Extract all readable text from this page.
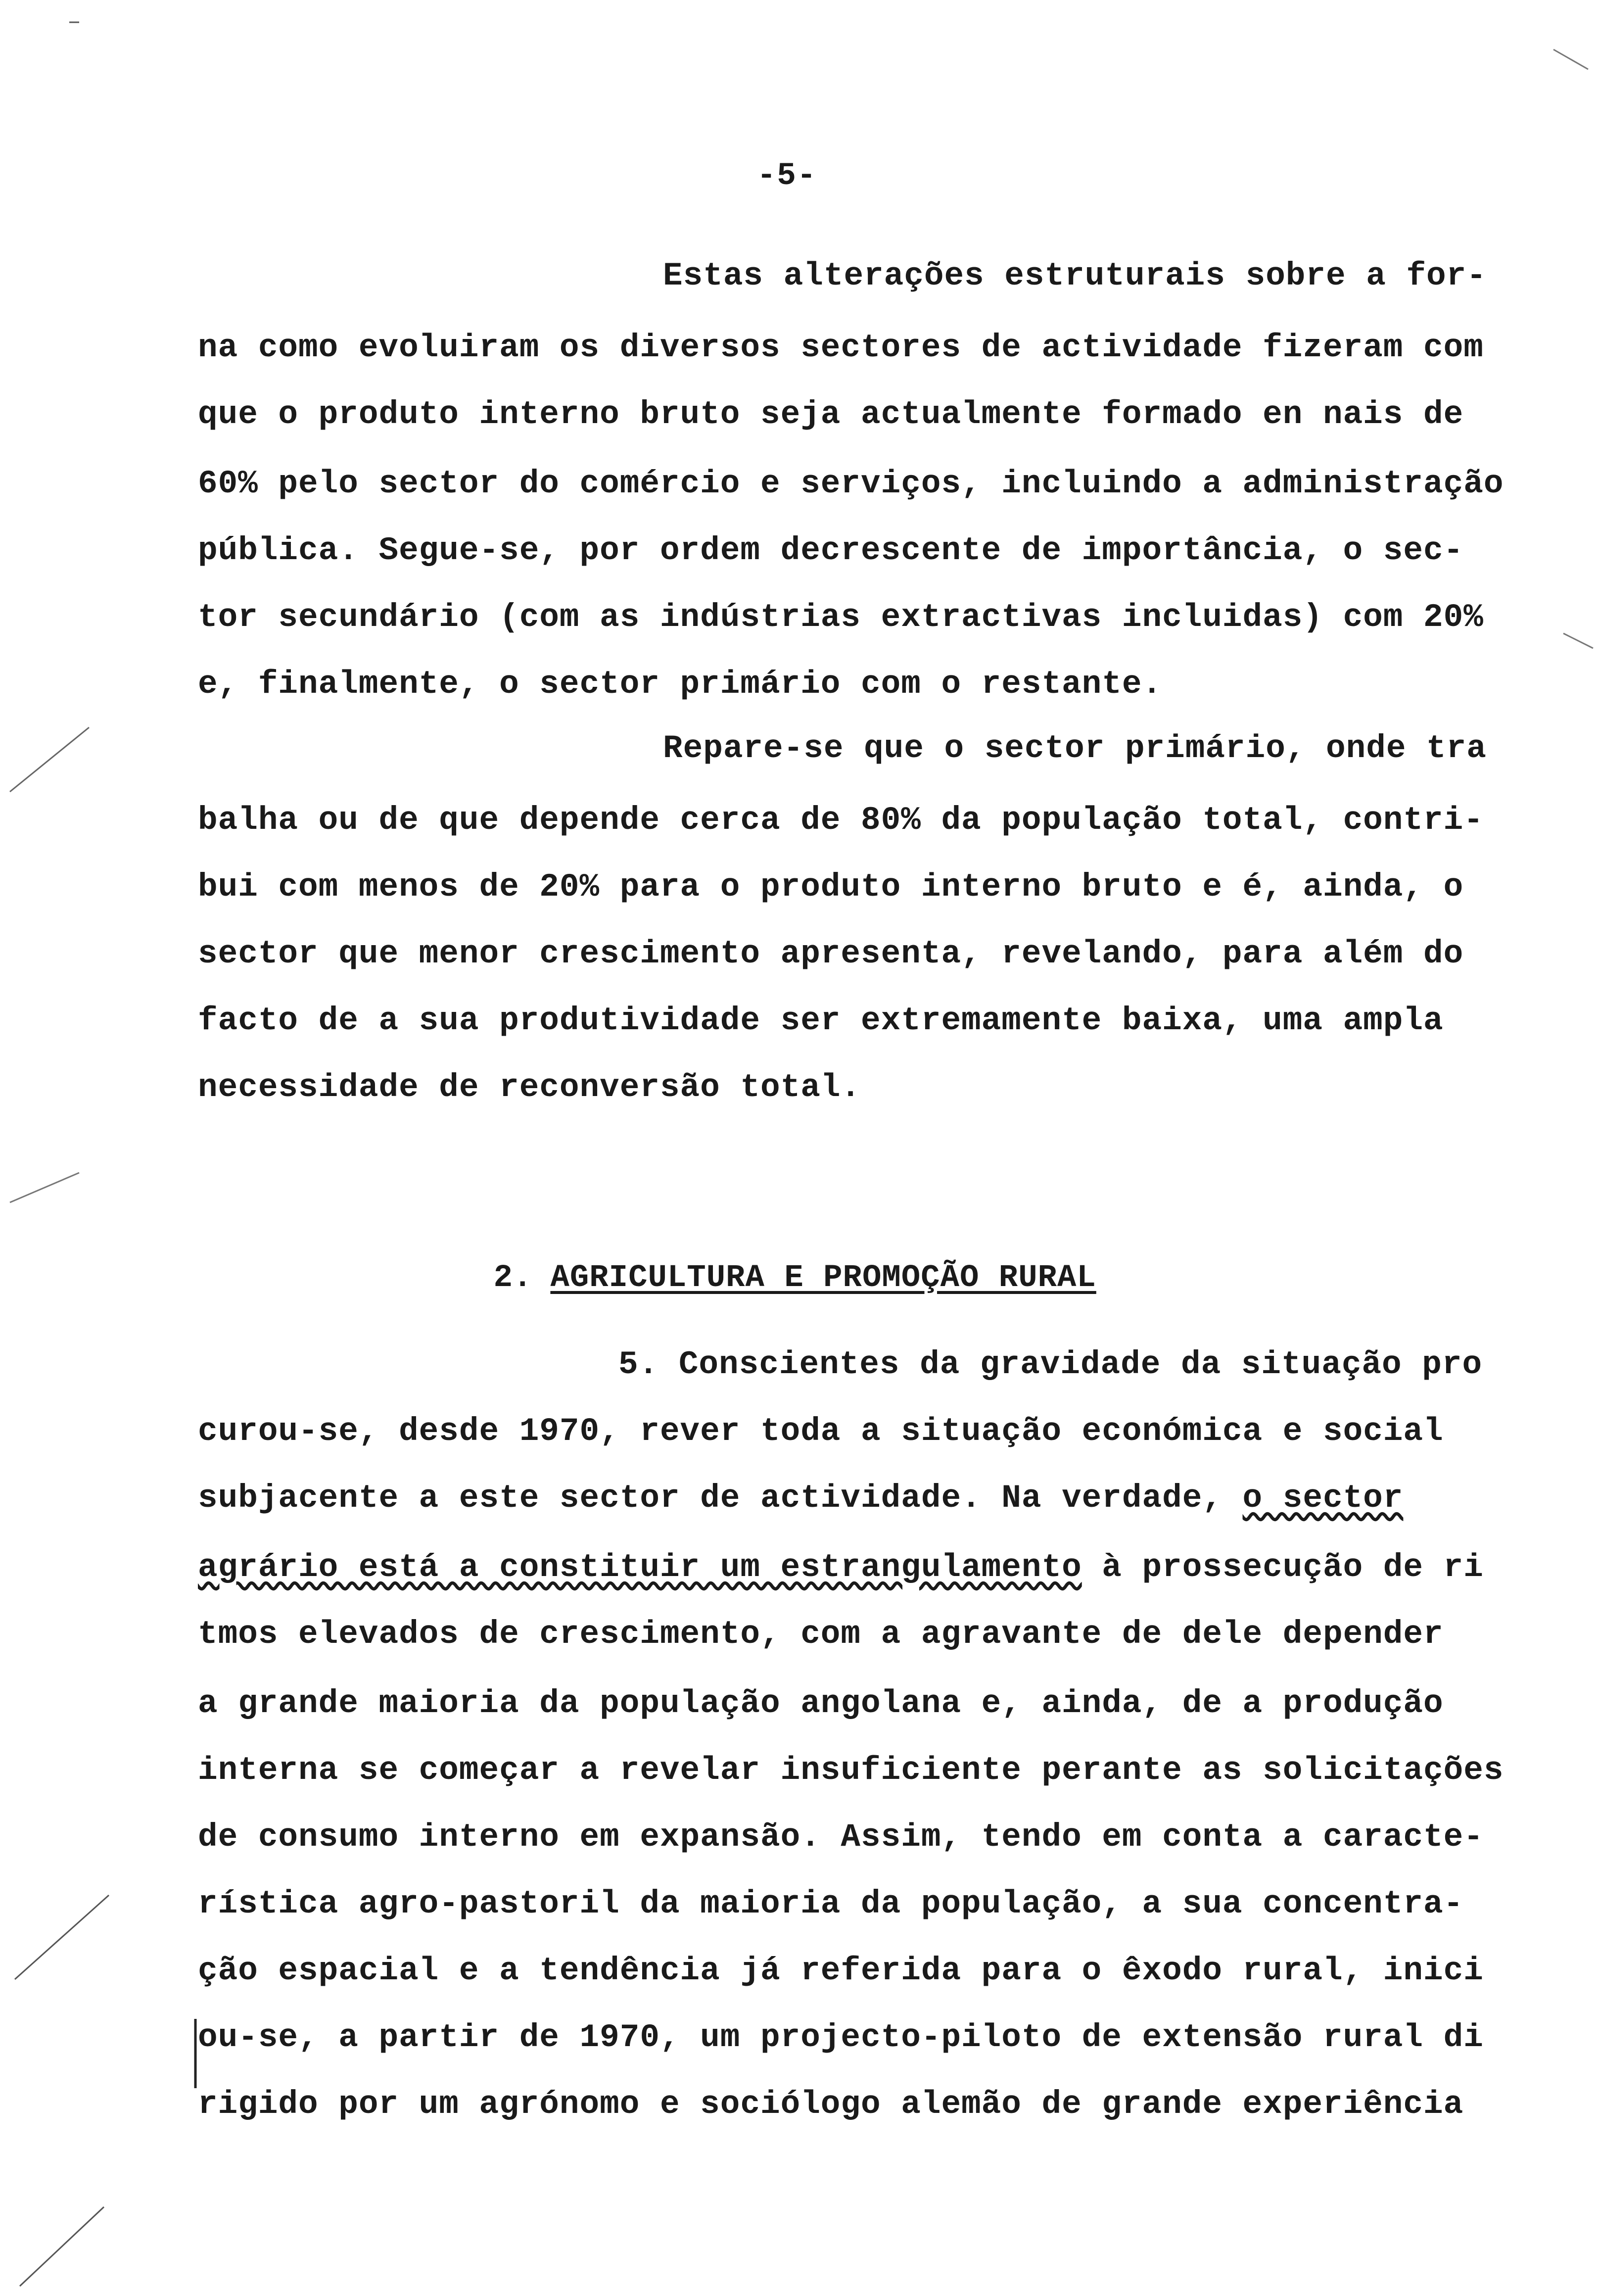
-5-
Estas alterações estruturais sobre a for-
na como evoluiram os diversos sectores de actividade fizeram com
que o produto interno bruto seja actualmente formado en nais de
60% pelo sector do comércio e serviços, incluindo a administração
pública. Segue-se, por ordem decrescente de importância, o sec-
tor secundário (com as indústrias extractivas incluidas) com 20%
e, finalmente, o sector primário com o restante.
Repare-se que o sector primário, onde tra
balha ou de que depende cerca de 80% da população total, contri-
bui com menos de 20% para o produto interno bruto e é, ainda, o
sector que menor crescimento apresenta, revelando, para além do
facto de a sua produtividade ser extremamente baixa, uma ampla
necessidade de reconversão total.

2. AGRICULTURA E PROMOÇÃO RURAL

5. Conscientes da gravidade da situação pro
curou-se, desde 1970, rever toda a situação económica e social
subjacente a este sector de actividade. Na verdade, o sector
agrário está a constituir um estrangulamento à prossecução de ri
tmos elevados de crescimento, com a agravante de dele depender
a grande maioria da população angolana e, ainda, de a produção
interna se começar a revelar insuficiente perante as solicitações
de consumo interno em expansão. Assim, tendo em conta a caracte-
rística agro-pastoril da maioria da população, a sua concentra-
ção espacial e a tendência já referida para o êxodo rural, inici
ou-se, a partir de 1970, um projecto-piloto de extensão rural di
rigido por um agrónomo e sociólogo alemão de grande experiência
